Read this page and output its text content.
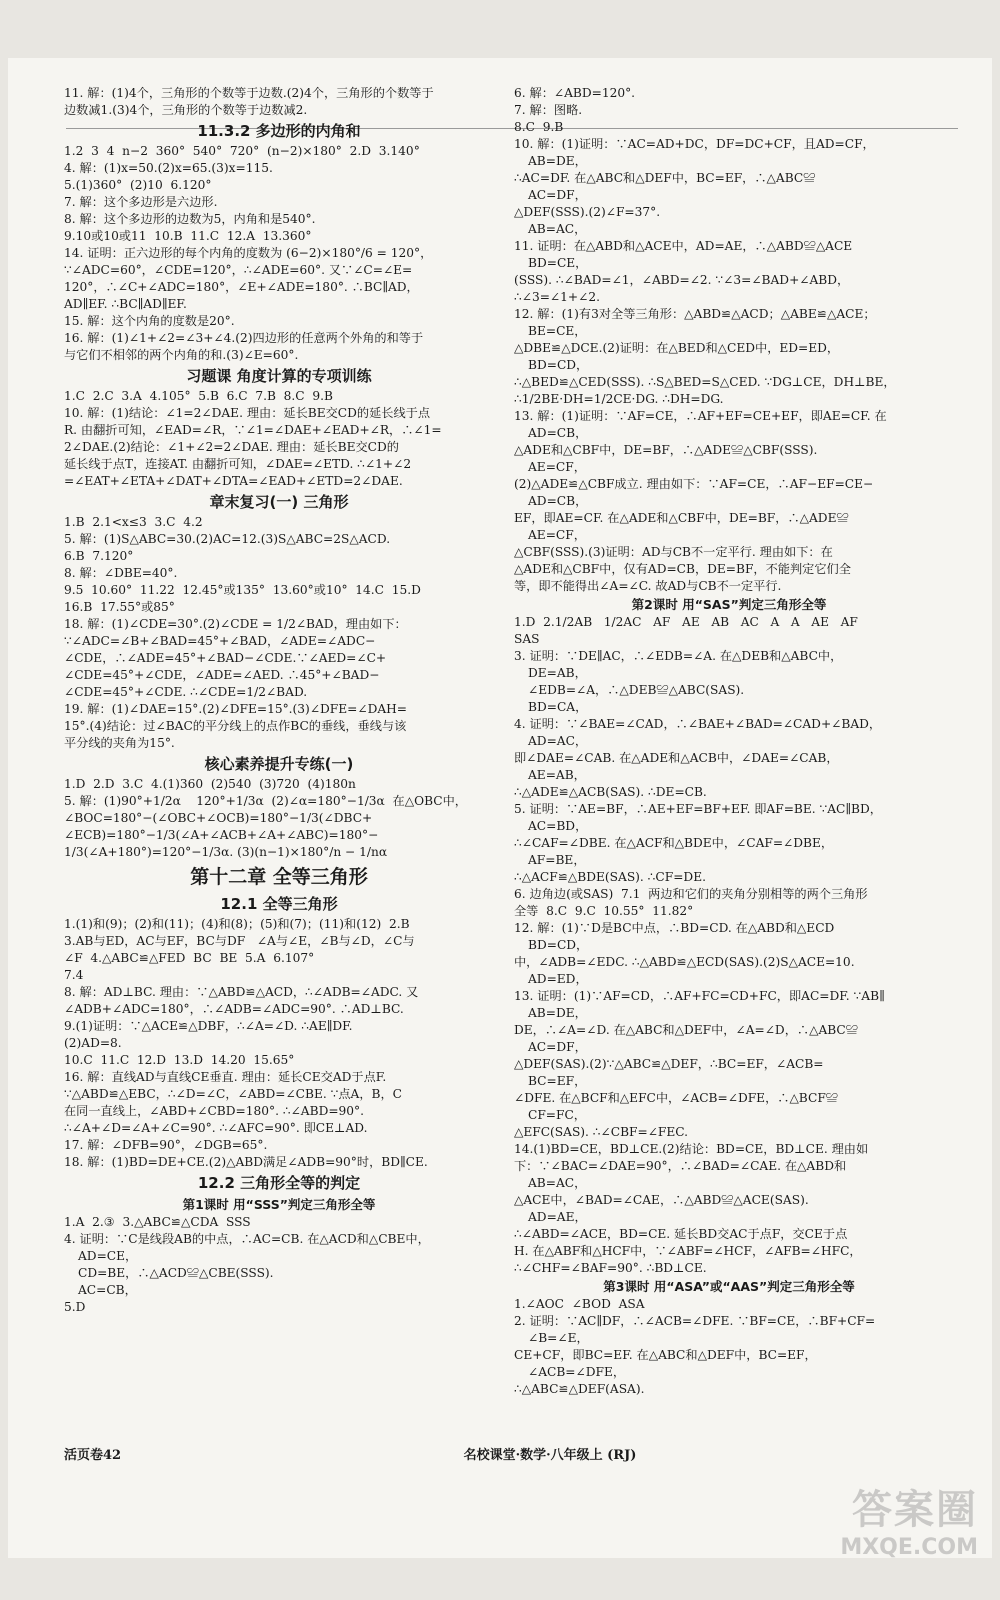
11. 解：(1)4个，三角形的个数等于边数.(2)4个，三角形的个数等于
边数减1.(3)4个，三角形的个数等于边数减2.
11.3.2 多边形的内角和
1.2  3  4  n−2  360°  540°  720°  (n−2)×180°  2.D  3.140°
4. 解：(1)x=50.(2)x=65.(3)x=115.
5.(1)360°  (2)10  6.120°
7. 解：这个多边形是六边形.
8. 解：这个多边形的边数为5，内角和是540°.
9.10或10或11  10.B  11.C  12.A  13.360°
14. 证明：正六边形的每个内角的度数为 (6−2)×180°/6 = 120°，
∵∠ADC=60°，∠CDE=120°，∴∠ADE=60°. 又∵∠C=∠E=
120°，∴∠C+∠ADC=180°，∠E+∠ADE=180°. ∴BC∥AD，
AD∥EF. ∴BC∥AD∥EF.
15. 解：这个内角的度数是20°.
16. 解：(1)∠1+∠2=∠3+∠4.(2)四边形的任意两个外角的和等于
与它们不相邻的两个内角的和.(3)∠E=60°.
习题课 角度计算的专项训练
1.C  2.C  3.A  4.105°  5.B  6.C  7.B  8.C  9.B
10. 解：(1)结论：∠1=2∠DAE. 理由：延长BE交CD的延长线于点
R. 由翻折可知，∠EAD=∠R，∵∠1=∠DAE+∠EAD+∠R，∴∠1=
2∠DAE.(2)结论：∠1+∠2=2∠DAE. 理由：延长BE交CD的
延长线于点T，连接AT. 由翻折可知，∠DAE=∠ETD. ∴∠1+∠2
=∠EAT+∠ETA+∠DAT+∠DTA=∠EAD+∠ETD=2∠DAE.
章末复习(一) 三角形
1.B  2.1<x≤3  3.C  4.2
5. 解：(1)S△ABC=30.(2)AC=12.(3)S△ABC=2S△ACD.
6.B  7.120°
8. 解：∠DBE=40°.
9.5  10.60°  11.22  12.45°或135°  13.60°或10°  14.C  15.D
16.B  17.55°或85°
18. 解：(1)∠CDE=30°.(2)∠CDE = 1/2∠BAD，理由如下：
∵∠ADC=∠B+∠BAD=45°+∠BAD，∠ADE=∠ADC−
∠CDE，∴∠ADE=45°+∠BAD−∠CDE.∵∠AED=∠C+
∠CDE=45°+∠CDE，∠ADE=∠AED. ∴45°+∠BAD−
∠CDE=45°+∠CDE. ∴∠CDE=1/2∠BAD.
19. 解：(1)∠DAE=15°.(2)∠DFE=15°.(3)∠DFE=∠DAH=
15°.(4)结论：过∠BAC的平分线上的点作BC的垂线，垂线与该
平分线的夹角为15°.
核心素养提升专练(一)
1.D  2.D  3.C  4.(1)360  (2)540  (3)720  (4)180n
5. 解：(1)90°+1/2α    120°+1/3α  (2)∠α=180°−1/3α  在△OBC中，
∠BOC=180°−(∠OBC+∠OCB)=180°−1/3(∠DBC+
∠ECB)=180°−1/3(∠A+∠ACB+∠A+∠ABC)=180°−
1/3(∠A+180°)=120°−1/3α. (3)(n−1)×180°/n − 1/nα
第十二章 全等三角形
12.1 全等三角形
1.(1)和(9)；(2)和(11)；(4)和(8)；(5)和(7)；(11)和(12)  2.B
3.AB与ED，AC与EF，BC与DF   ∠A与∠E，∠B与∠D，∠C与
∠F  4.△ABC≌△FED  BC  BE  5.A  6.107°
7.4
8. 解：AD⊥BC. 理由：∵△ABD≌△ACD，∴∠ADB=∠ADC. 又
∠ADB+∠ADC=180°，∴∠ADB=∠ADC=90°. ∴AD⊥BC.
9.(1)证明：∵△ACE≌△DBF，∴∠A=∠D. ∴AE∥DF.
(2)AD=8.
10.C  11.C  12.D  13.D  14.20  15.65°
16. 解：直线AD与直线CE垂直. 理由：延长CE交AD于点F.
∵△ABD≌△EBC，∴∠D=∠C，∠ABD=∠CBE. ∵点A，B，C
在同一直线上，∠ABD+∠CBD=180°. ∴∠ABD=90°.
∴∠A+∠D=∠A+∠C=90°. ∴∠AFC=90°. 即CE⊥AD.
17. 解：∠DFB=90°，∠DGB=65°.
18. 解：(1)BD=DE+CE.(2)△ABD满足∠ADB=90°时，BD∥CE.
12.2 三角形全等的判定
第1课时 用“SSS”判定三角形全等
1.A  2.③  3.△ABC≌△CDA  SSS
4. 证明：∵C是线段AB的中点，∴AC=CB. 在△ACD和△CBE中，
AD=CE，
CD=BE，∴△ACD≌△CBE(SSS).
AC=CB，
5.D
6. 解：∠ABD=120°.
7. 解：图略.
8.C  9.B
10. 解：(1)证明：∵AC=AD+DC，DF=DC+CF，且AD=CF，
AB=DE，
∴AC=DF. 在△ABC和△DEF中，BC=EF，∴△ABC≌
AC=DF，
△DEF(SSS).(2)∠F=37°.
AB=AC，
11. 证明：在△ABD和△ACE中，AD=AE，∴△ABD≌△ACE
BD=CE，
(SSS). ∴∠BAD=∠1，∠ABD=∠2. ∵∠3=∠BAD+∠ABD，
∴∠3=∠1+∠2.
12. 解：(1)有3对全等三角形：△ABD≌△ACD；△ABE≌△ACE；
BE=CE，
△DBE≌△DCE.(2)证明：在△BED和△CED中，ED=ED，
BD=CD，
∴△BED≌△CED(SSS). ∴S△BED=S△CED. ∵DG⊥CE，DH⊥BE，
∴1/2BE·DH=1/2CE·DG. ∴DH=DG.
13. 解：(1)证明：∵AF=CE，∴AF+EF=CE+EF，即AE=CF. 在
AD=CB，
△ADE和△CBF中，DE=BF，∴△ADE≌△CBF(SSS).
AE=CF，
(2)△ADE≌△CBF成立. 理由如下：∵AF=CE，∴AF−EF=CE−
AD=CB，
EF，即AE=CF. 在△ADE和△CBF中，DE=BF，∴△ADE≌
AE=CF，
△CBF(SSS).(3)证明：AD与CB不一定平行. 理由如下：在
△ADE和△CBF中，仅有AD=CB，DE=BF，不能判定它们全
等，即不能得出∠A=∠C. 故AD与CB不一定平行.
第2课时 用“SAS”判定三角形全等
1.D  2.1/2AB   1/2AC   AF   AE   AB   AC   A   A   AE   AF
SAS
3. 证明：∵DE∥AC，∴∠EDB=∠A. 在△DEB和△ABC中，
DE=AB，
∠EDB=∠A，∴△DEB≌△ABC(SAS).
BD=CA，
4. 证明：∵∠BAE=∠CAD，∴∠BAE+∠BAD=∠CAD+∠BAD，
AD=AC，
即∠DAE=∠CAB. 在△ADE和△ACB中，∠DAE=∠CAB，
AE=AB，
∴△ADE≌△ACB(SAS). ∴DE=CB.
5. 证明：∵AE=BF，∴AE+EF=BF+EF. 即AF=BE. ∵AC∥BD，
AC=BD，
∴∠CAF=∠DBE. 在△ACF和△BDE中，∠CAF=∠DBE，
AF=BE，
∴△ACF≌△BDE(SAS). ∴CF=DE.
6. 边角边(或SAS)  7.1  两边和它们的夹角分别相等的两个三角形
全等  8.C  9.C  10.55°  11.82°
12. 解：(1)∵D是BC中点，∴BD=CD. 在△ABD和△ECD
BD=CD，
中，∠ADB=∠EDC. ∴△ABD≌△ECD(SAS).(2)S△ACE=10.
AD=ED，
13. 证明：(1)∵AF=CD，∴AF+FC=CD+FC，即AC=DF. ∵AB∥
AB=DE，
DE，∴∠A=∠D. 在△ABC和△DEF中，∠A=∠D，∴△ABC≌
AC=DF，
△DEF(SAS).(2)∵△ABC≌△DEF，∴BC=EF，∠ACB=
BC=EF，
∠DFE. 在△BCF和△EFC中，∠ACB=∠DFE，∴△BCF≌
CF=FC，
△EFC(SAS). ∴∠CBF=∠FEC.
14.(1)BD=CE，BD⊥CE.(2)结论：BD=CE，BD⊥CE. 理由如
下：∵∠BAC=∠DAE=90°，∴∠BAD=∠CAE. 在△ABD和
AB=AC，
△ACE中，∠BAD=∠CAE，∴△ABD≌△ACE(SAS).
AD=AE，
∴∠ABD=∠ACE，BD=CE. 延长BD交AC于点F，交CE于点
H. 在△ABF和△HCF中，∵∠ABF=∠HCF，∠AFB=∠HFC，
∴∠CHF=∠BAF=90°. ∴BD⊥CE.
第3课时 用“ASA”或“AAS”判定三角形全等
1.∠AOC  ∠BOD  ASA
2. 证明：∵AC∥DF，∴∠ACB=∠DFE. ∵BF=CE，∴BF+CF=
∠B=∠E，
CE+CF，即BC=EF. 在△ABC和△DEF中，BC=EF，
∠ACB=∠DFE，
∴△ABC≌△DEF(ASA).
活页卷42	名校课堂·数学·八年级上 (RJ)
答案圈
MXQE.COM
